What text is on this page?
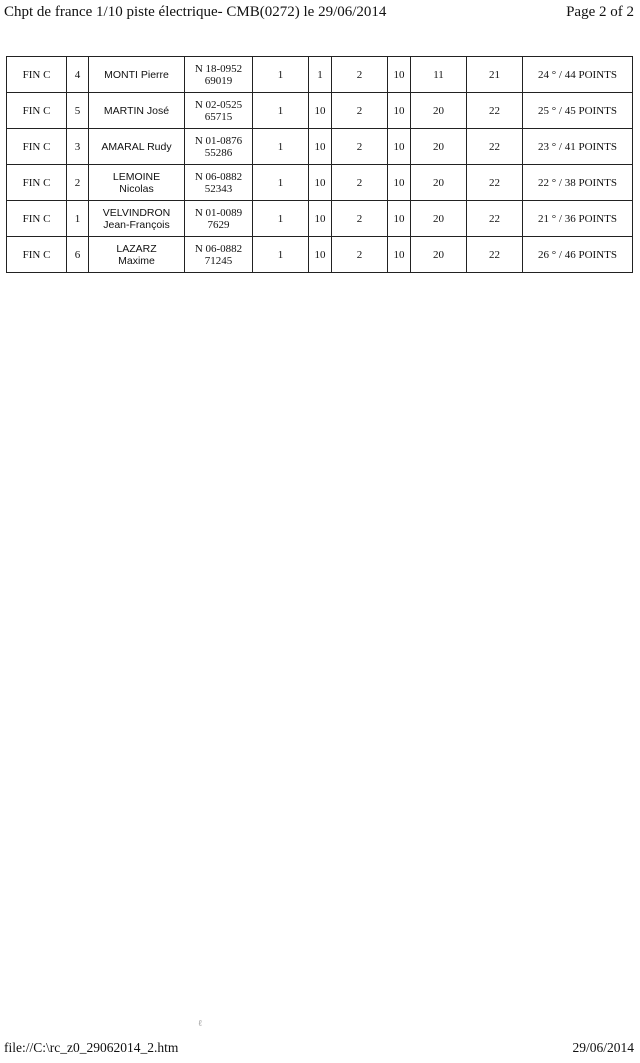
Chpt de france 1/10 piste électrique- CMB(0272) le 29/06/2014	Page 2 of 2
FIN C	4	MONTI Pierre	N 18-0952
69019	1	1	2	10	11	21	24 ° / 44 POINTS
FIN C	5	MARTIN José	N 02-0525
65715	1	10	2	10	20	22	25 ° / 45 POINTS
FIN C	3	AMARAL Rudy	N 01-0876
55286	1	10	2	10	20	22	23 ° / 41 POINTS
FIN C	2	LEMOINE
Nicolas	N 06-0882
52343	1	10	2	10	20	22	22 ° / 38 POINTS
FIN C	1	VELVINDRON
Jean-François	N 01-0089
7629	1	10	2	10	20	22	21 ° / 36 POINTS
FIN C	6	LAZARZ
Maxime	N 06-0882
71245	1	10	2	10	20	22	26 ° / 46 POINTS
ℓ
file://C:\rc_z0_29062014_2.htm	29/06/2014
